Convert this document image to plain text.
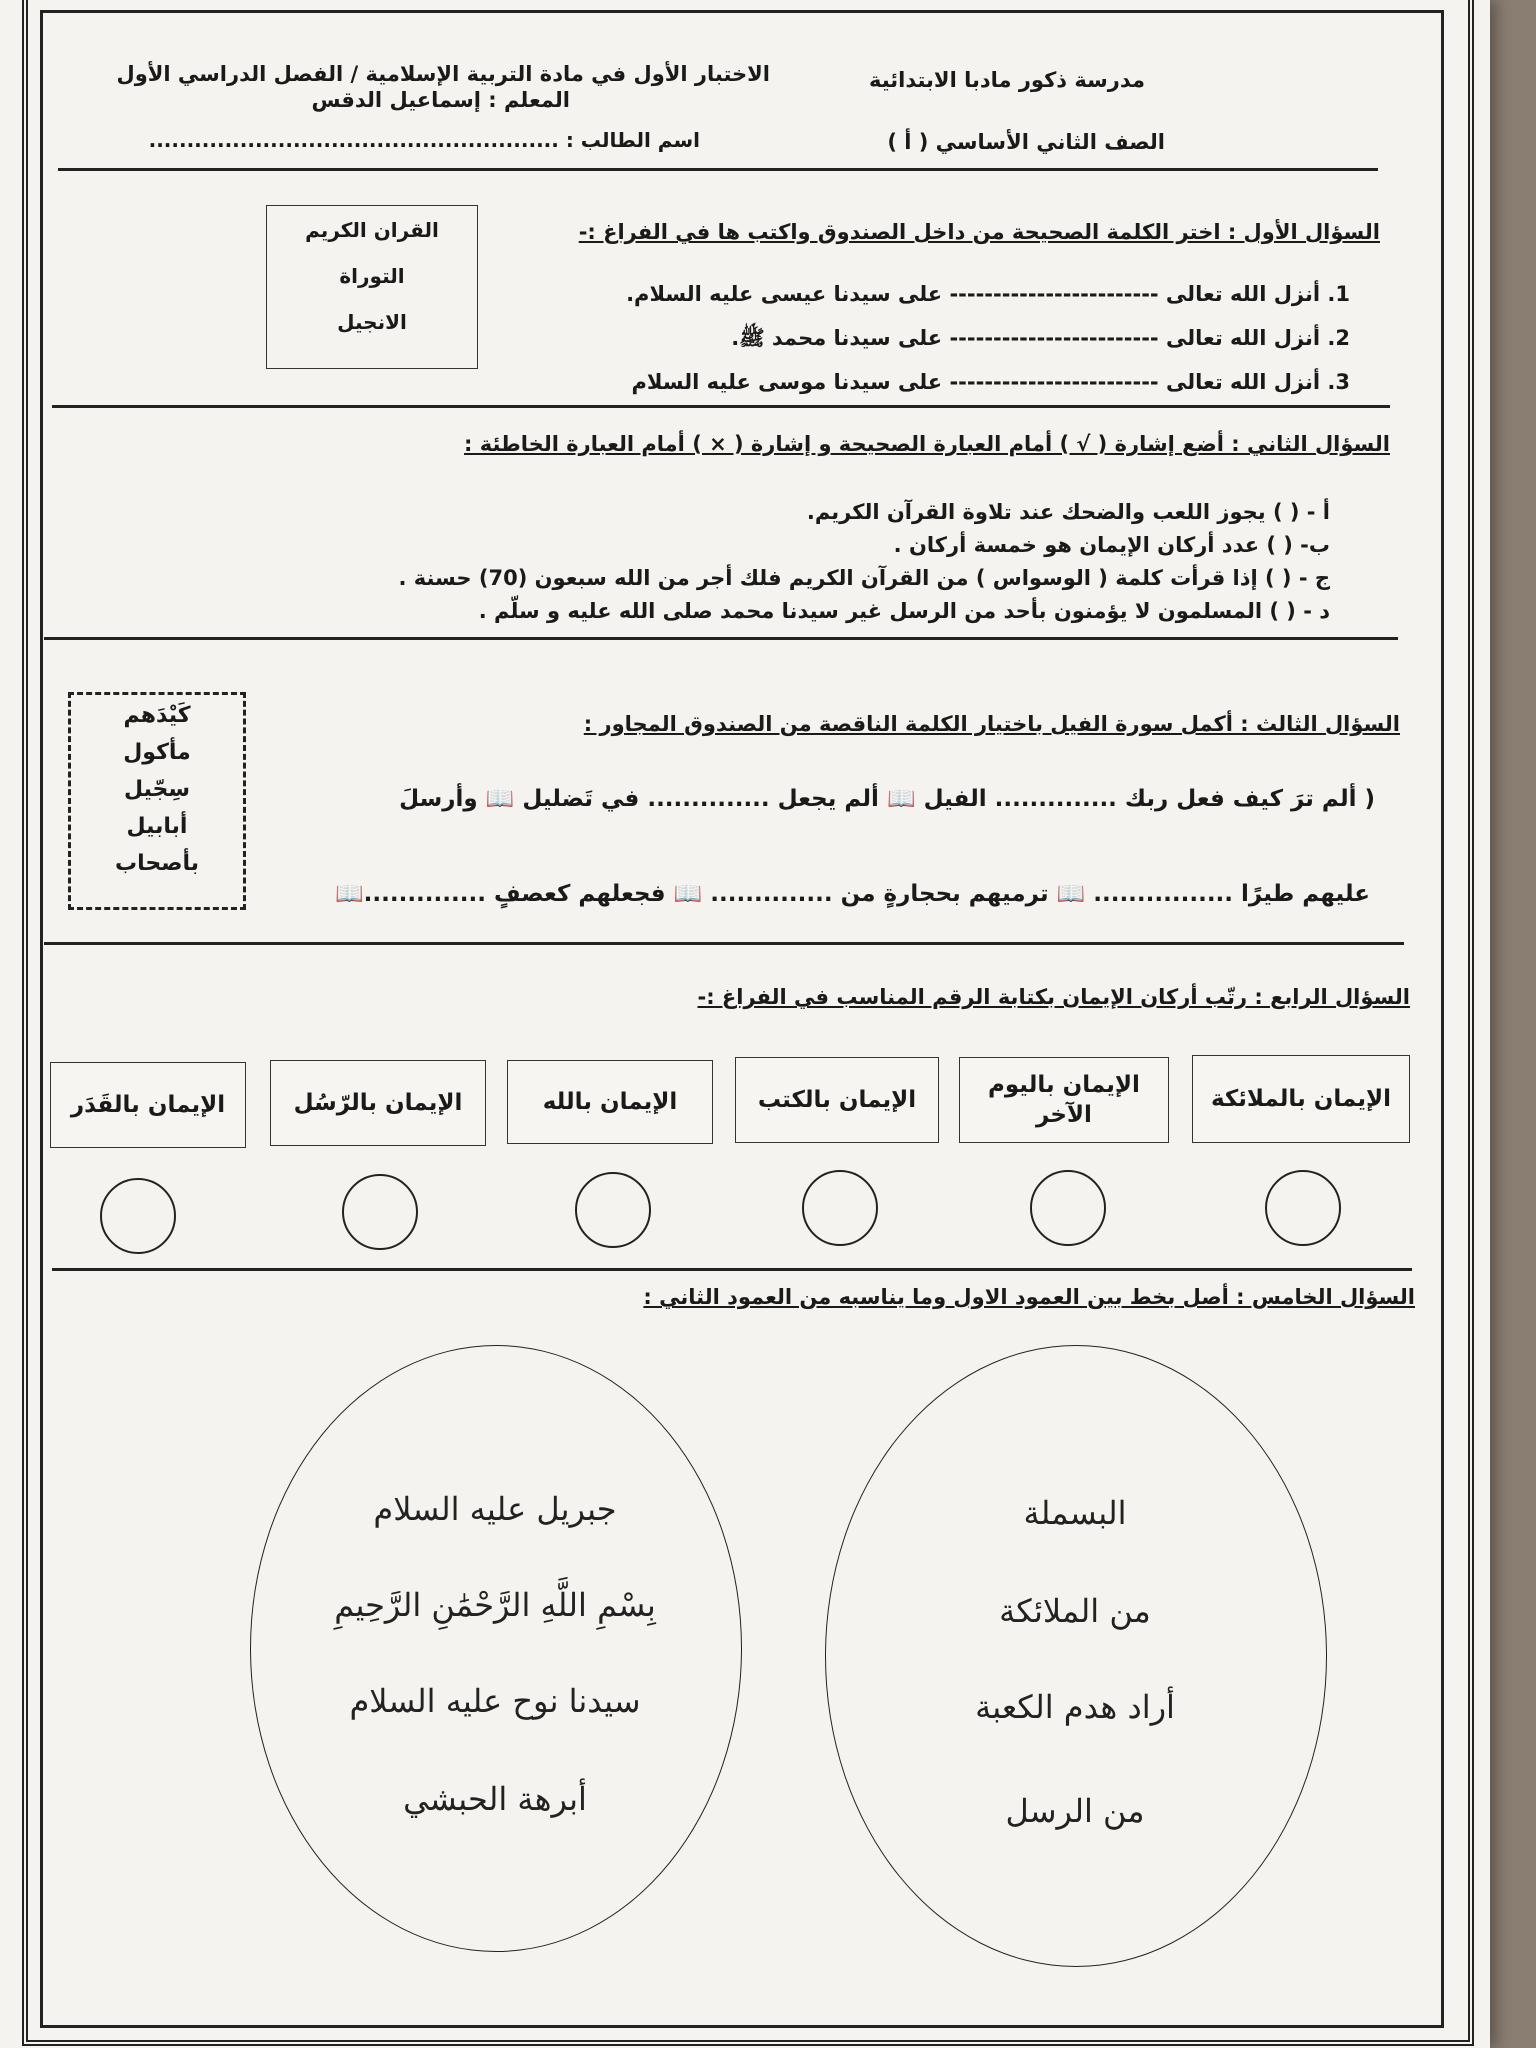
مدرسة ذكور مادبا الابتدائية
الصف الثاني الأساسي ( أ )
الاختبار الأول في مادة التربية الإسلامية / الفصل الدراسي الأول
المعلم : إسماعيل الدقس
اسم الطالب : ......................................................
السؤال الأول : اختر الكلمة الصحيحة من داخل الصندوق واكتب ها في الفراغ :-
القران الكريم
التوراة
الانجيل
1. أنزل الله تعالى ------------------------ على سيدنا عيسى عليه السلام.
2. أنزل الله تعالى ------------------------ على سيدنا محمد ﷺ.
3. أنزل الله تعالى ------------------------ على سيدنا موسى عليه السلام
السؤال الثاني : أضع إشارة ( √ ) أمام العبارة الصحيحة و إشارة ( × ) أمام العبارة الخاطئة :
أ - ( ) يجوز اللعب والضحك عند تلاوة القرآن الكريم.
ب- ( ) عدد أركان الإيمان هو خمسة أركان .
ج - ( ) إذا قرأت كلمة ( الوسواس ) من القرآن الكريم فلك أجر من الله سبعون (70) حسنة .
د - ( ) المسلمون لا يؤمنون بأحد من الرسل غير سيدنا محمد صلى الله عليه و سلّم .
السؤال الثالث : أكمل سورة الفيل باختيار الكلمة الناقصة من الصندوق المجاور :
كَيْدَهم
مأكول
سِجّيل
أبابيل
بأصحاب
( ألم ترَ كيف فعل ربك .............. الفيل 📖 ألم يجعل .............. في تَضليل 📖 وأرسلَ
عليهم طيرًا ................ 📖 ترميهم بحجارةٍ من .............. 📖 فجعلهم كعصفٍ ..............📖
السؤال الرابع : رتّب أركان الإيمان بكتابة الرقم المناسب في الفراغ :-
الإيمان بالملائكة
الإيمان باليوم الآخر
الإيمان بالكتب
الإيمان بالله
الإيمان بالرّسُل
الإيمان بالقَدَر
السؤال الخامس : أصل بخط بين العمود الاول وما يناسبه من العمود الثاني :
البسملة
من الملائكة
أراد هدم الكعبة
من الرسل
جبريل عليه السلام
بِسْمِ اللَّهِ الرَّحْمَٰنِ الرَّحِيمِ
سيدنا نوح عليه السلام
أبرهة الحبشي
